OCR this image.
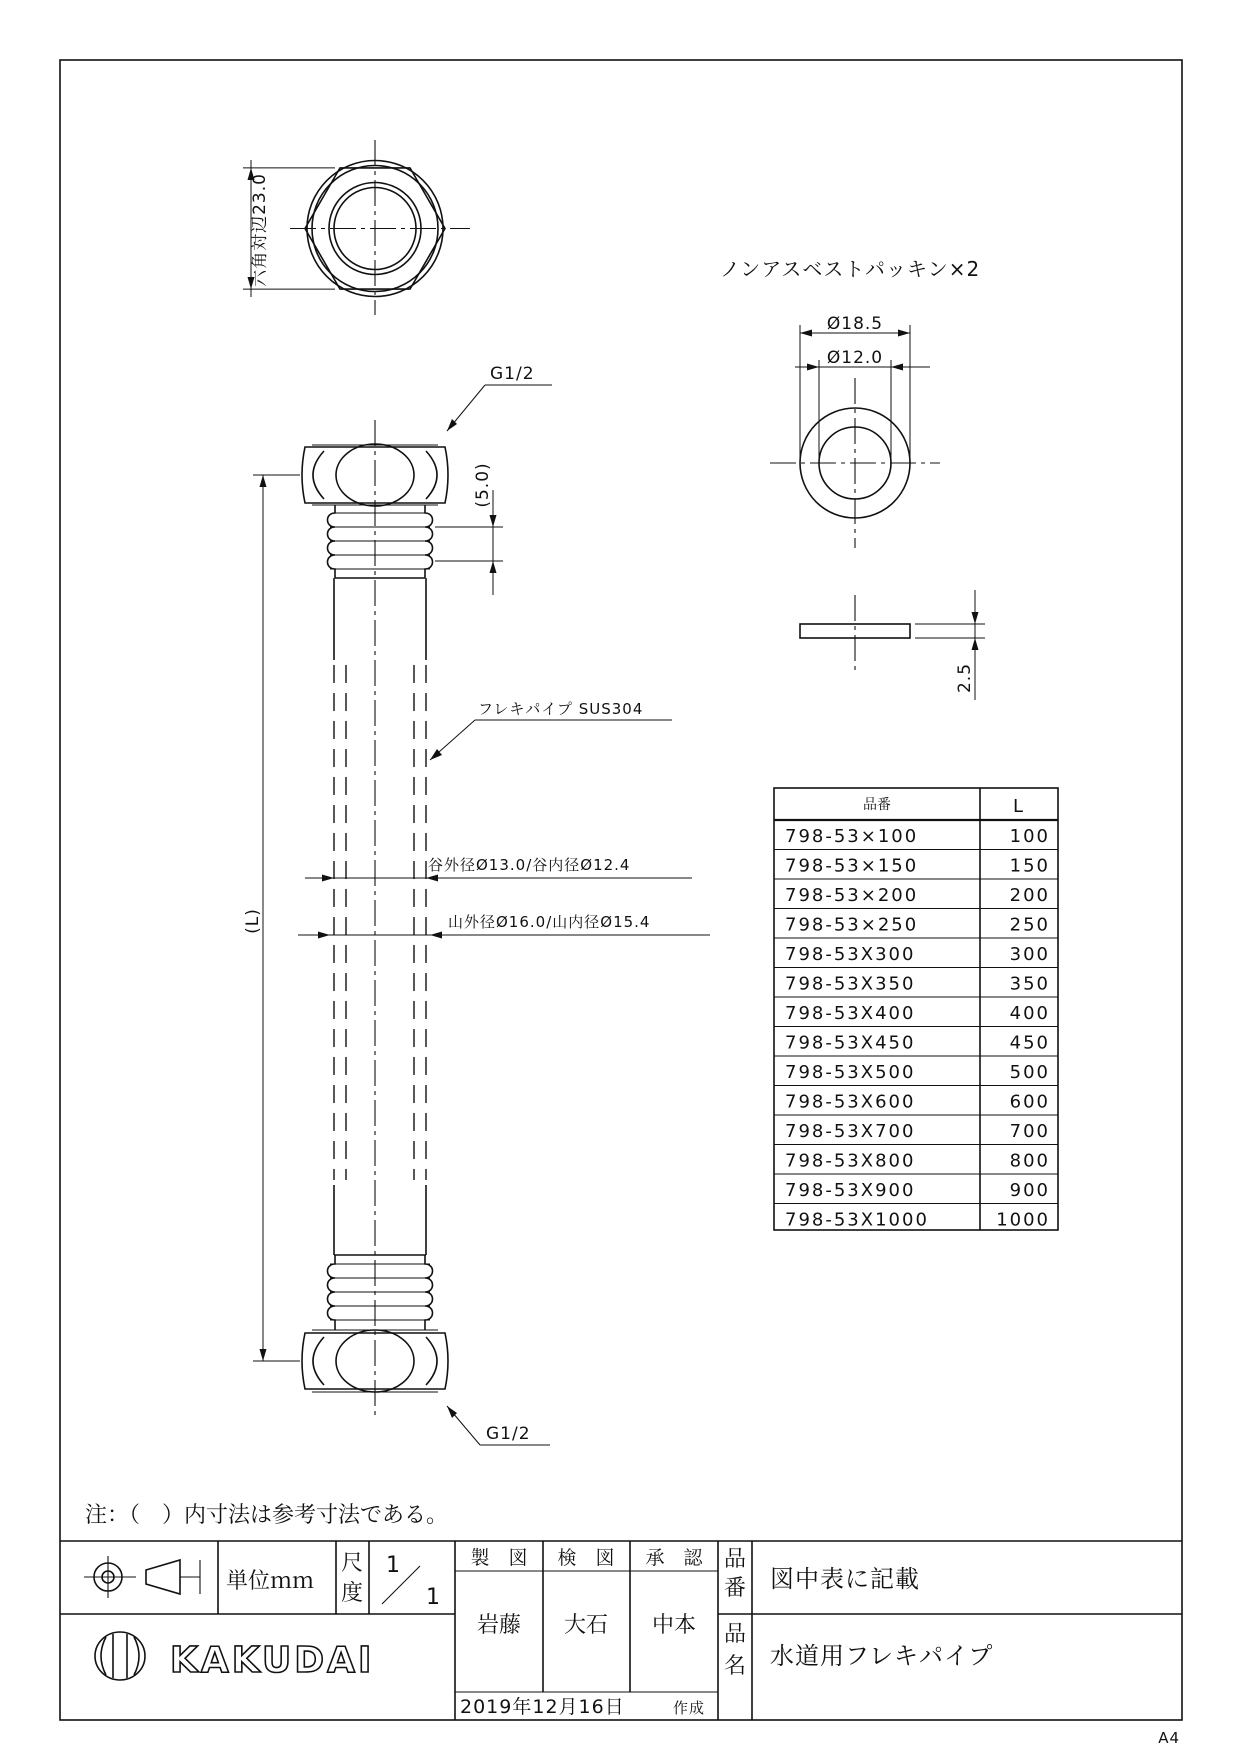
六角対辺23.0	ノンアスベストパッキン×2
Ø18.5
Ø12.0
2.5
(L)
(5.0)
G1/2
G1/2
フレキパイプ SUS304
谷外径Ø13.0/谷内径Ø12.4
山外径Ø16.0/山内径Ø15.4
品番	L
798-53×100	100
798-53×150	150
798-53×200	200
798-53×250	250
798-53X300	300
798-53X350	350
798-53X400	400
798-53X450	450
798-53X500	500
798-53X600	600
798-53X700	700
798-53X800	800
798-53X900	900
798-53X1000	1000
注：（　）内寸法は参考寸法である。
単位ｍｍ
尺
度
1
1
製　図 検　図 承　認
岩藤 大石 中本
2019年12月16日	作成
品
番 図中表に記載
品
名 水道用フレキパイプ
KAKUDAI
A4
